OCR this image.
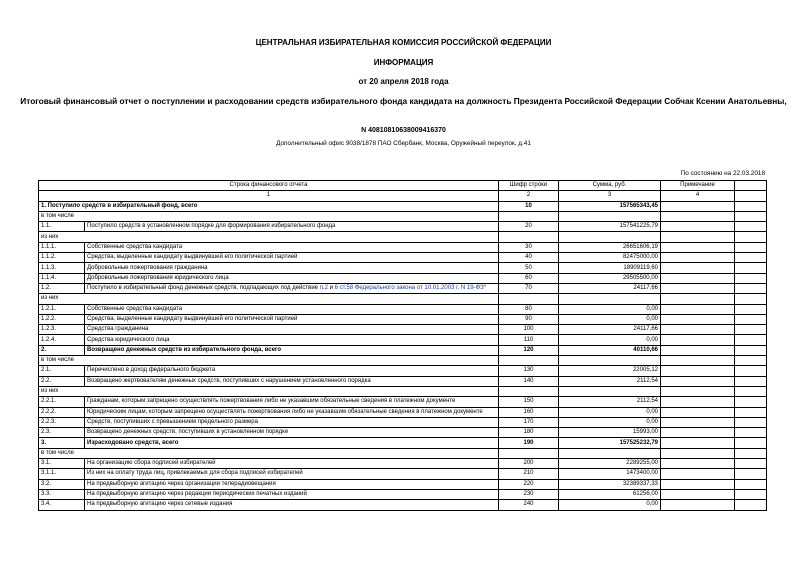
ЦЕНТРАЛЬНАЯ ИЗБИРАТЕЛЬНАЯ КОМИССИЯ РОССИЙСКОЙ ФЕДЕРАЦИИ
ИНФОРМАЦИЯ
от 20 апреля 2018 года
Итоговый финансовый отчет о поступлении и расходовании средств избирательного фонда кандидата на должность Президента Российской Федерации Собчак Ксении Анатольевны,
N 40810810638009416370
Дополнительный офис 9038/1878 ПАО Сбербанк, Москва, Оружейный переулок, д.41
По состоянию на 22.03.2018
Строка финансового отчета		Шифр строки	Сумма, руб.	Примечание	
1		2	3	4	
1. Поступило средств в избирательный фонд, всего		10	157565343,45		
в том числе					
1.1.	Поступило средств в установленном порядке для формирования избирательного фонда	20	157541225,79		
из них					
1.1.1.	Собственные средства кандидата	30	26651606,19		
1.1.2.	Средства, выделенные кандидату выдвинувшей его политической партией	40	82475000,00		
1.1.3.	Добровольные пожертвования гражданина	50	18909119,60		
1.1.4.	Добровольные пожертвования юридического лица	60	29505500,00		
1.2.	Поступило в избирательный фонд денежных средств, подпадающих под действие п.2 и 6 ст.58 Федерального закона от 10.01.2003 г. N 19-ФЗ*	70	24117,66		
из них					
1.2.1.	Собственные средства кандидата	80	0,00		
1.2.2.	Средства, выделенные кандидату выдвинувшей его политической партией	90	0,00		
1.2.3.	Средства гражданина	100	24117,66		
1.2.4.	Средства юридического лица	110	0,00		
2.	Возвращено денежных средств из избирательного фонда, всего	120	40110,66		
в том числе					
2.1.	Перечислено в доход федерального бюджета	130	22005,12		
2.2.	Возвращено жертвователям денежных средств, поступивших с нарушением установленного порядка	140	2112,54		
из них					
2.2.1.	Гражданам, которым запрещено осуществлять пожертвования либо не указавшим обязательные сведения в платежном документе	150	2112,54		
2.2.2.	Юридическим лицам, которым запрещено осуществлять пожертвования либо не указавшим обязательные сведения в платежном документе	160	0,00		
2.2.3.	Средств, поступивших с превышением предельного размера	170	0,00		
2.3.	Возвращено денежных средств, поступивших в установленном порядке	180	15993,00		
3.	Израсходовано средств, всего	190	157525232,79		
в том числе					
3.1.	На организацию сбора подписей избирателей	200	2289255,00		
3.1.1.	Из них на оплату труда лиц, привлекаемых для сбора подписей избирателей	210	1473400,00		
3.2.	На предвыборную агитацию через организации телерадиовещания	220	32389337,33		
3.3.	На предвыборную агитацию через редакции периодических печатных изданий	230	61256,00		
3.4.	На предвыборную агитацию через сетевые издания	240	0,00		
